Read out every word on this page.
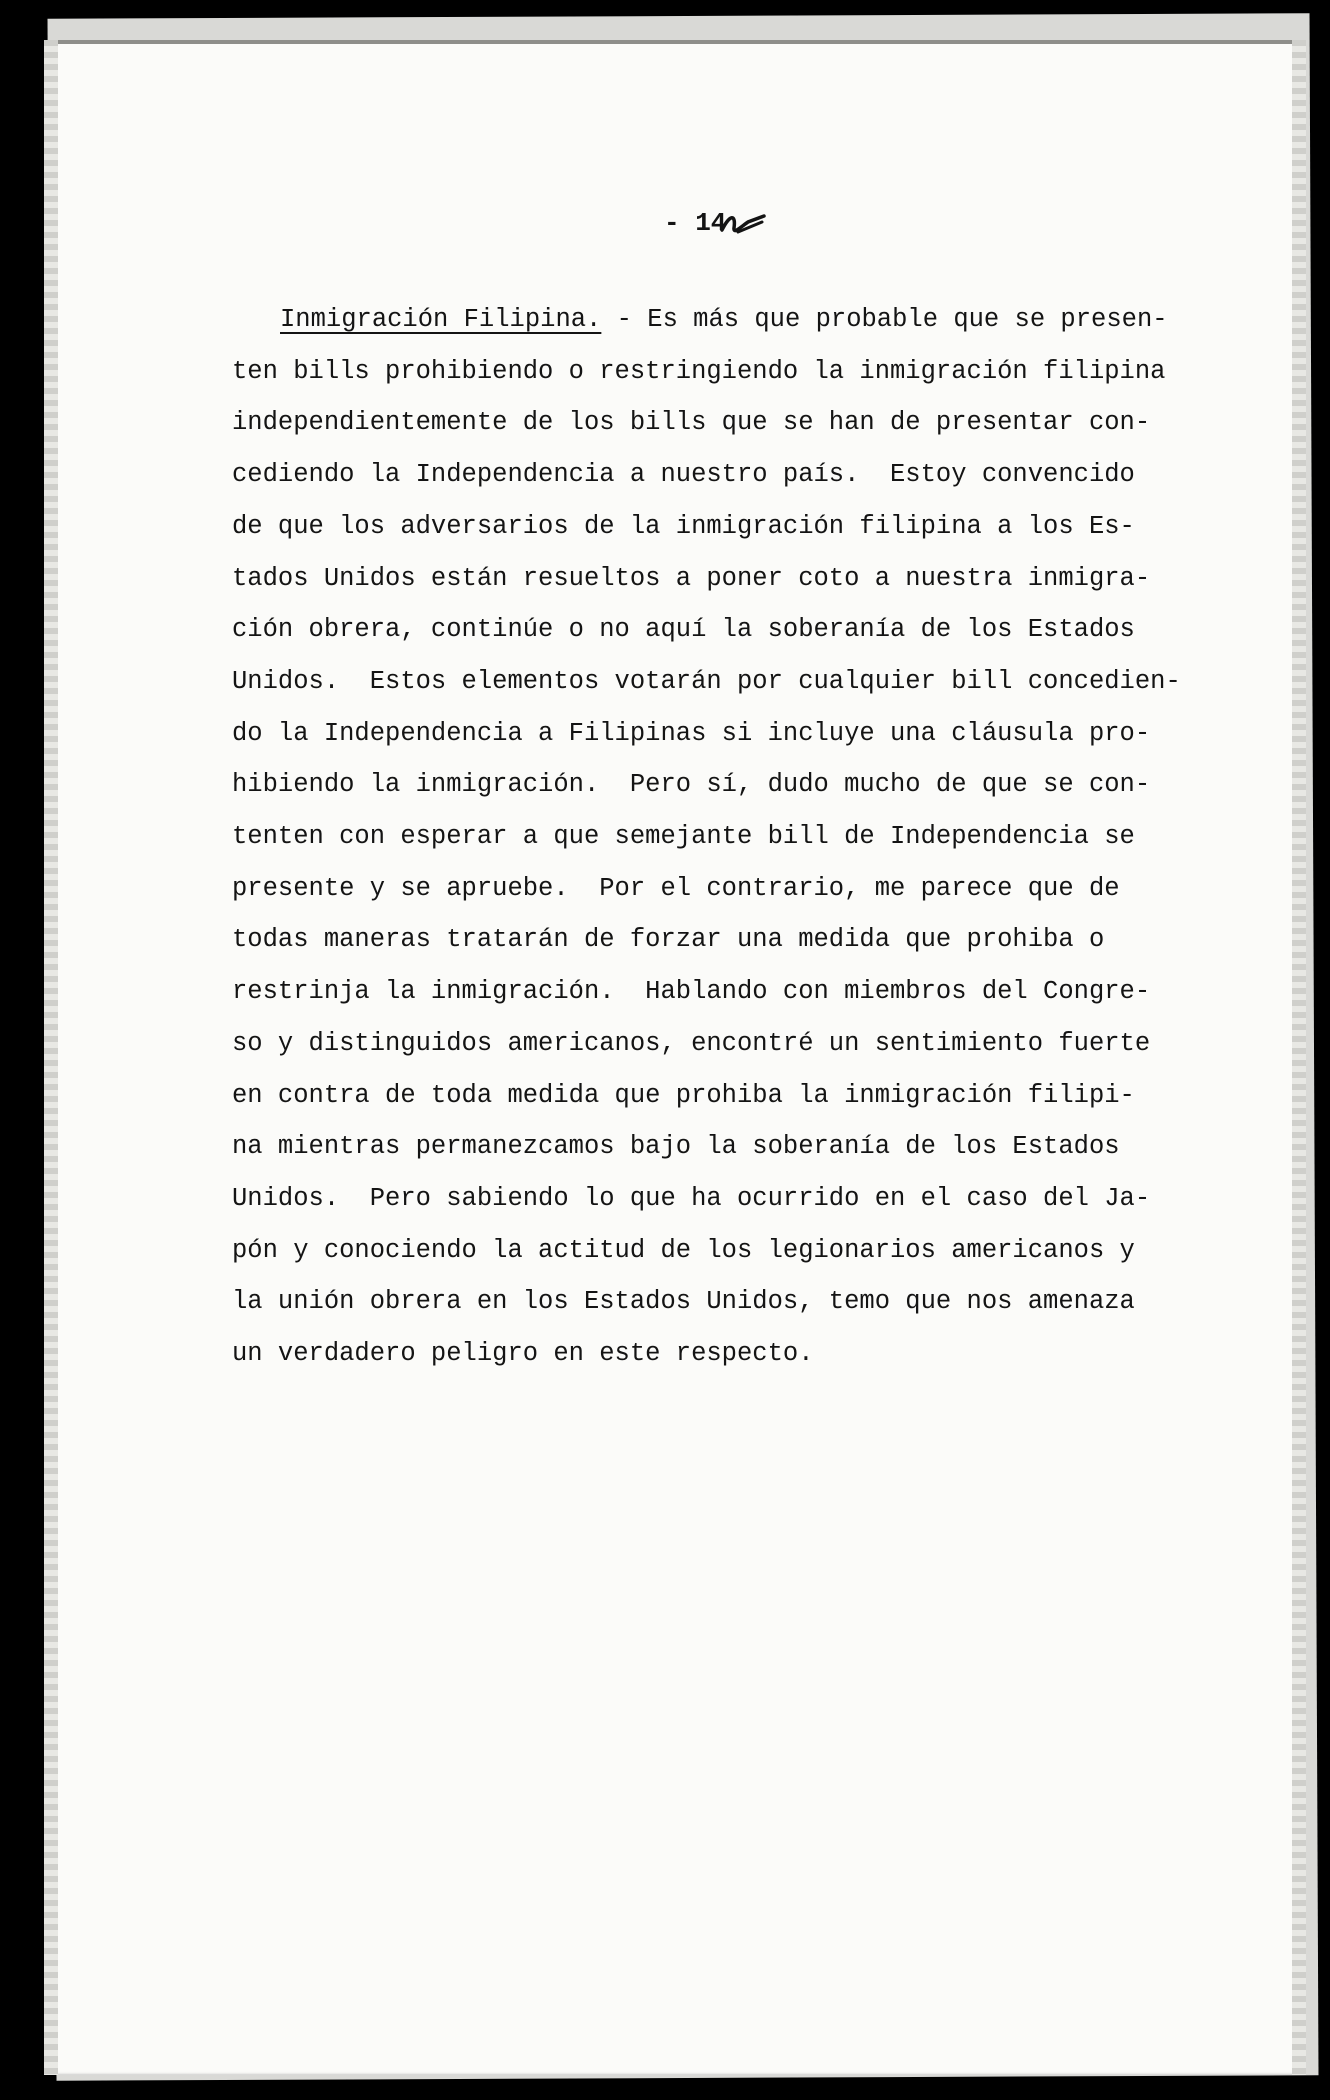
- 14
Inmigración Filipina. - Es más que probable que se presen-
ten bills prohibiendo o restringiendo la inmigración filipina
independientemente de los bills que se han de presentar con-
cediendo la Independencia a nuestro país.  Estoy convencido
de que los adversarios de la inmigración filipina a los Es-
tados Unidos están resueltos a poner coto a nuestra inmigra-
ción obrera, continúe o no aquí la soberanía de los Estados
Unidos.  Estos elementos votarán por cualquier bill concedien-
do la Independencia a Filipinas si incluye una cláusula pro-
hibiendo la inmigración.  Pero sí, dudo mucho de que se con-
tenten con esperar a que semejante bill de Independencia se
presente y se apruebe.  Por el contrario, me parece que de
todas maneras tratarán de forzar una medida que prohiba o
restrinja la inmigración.  Hablando con miembros del Congre-
so y distinguidos americanos, encontré un sentimiento fuerte
en contra de toda medida que prohiba la inmigración filipi-
na mientras permanezcamos bajo la soberanía de los Estados
Unidos.  Pero sabiendo lo que ha ocurrido en el caso del Ja-
pón y conociendo la actitud de los legionarios americanos y
la unión obrera en los Estados Unidos, temo que nos amenaza
un verdadero peligro en este respecto.
